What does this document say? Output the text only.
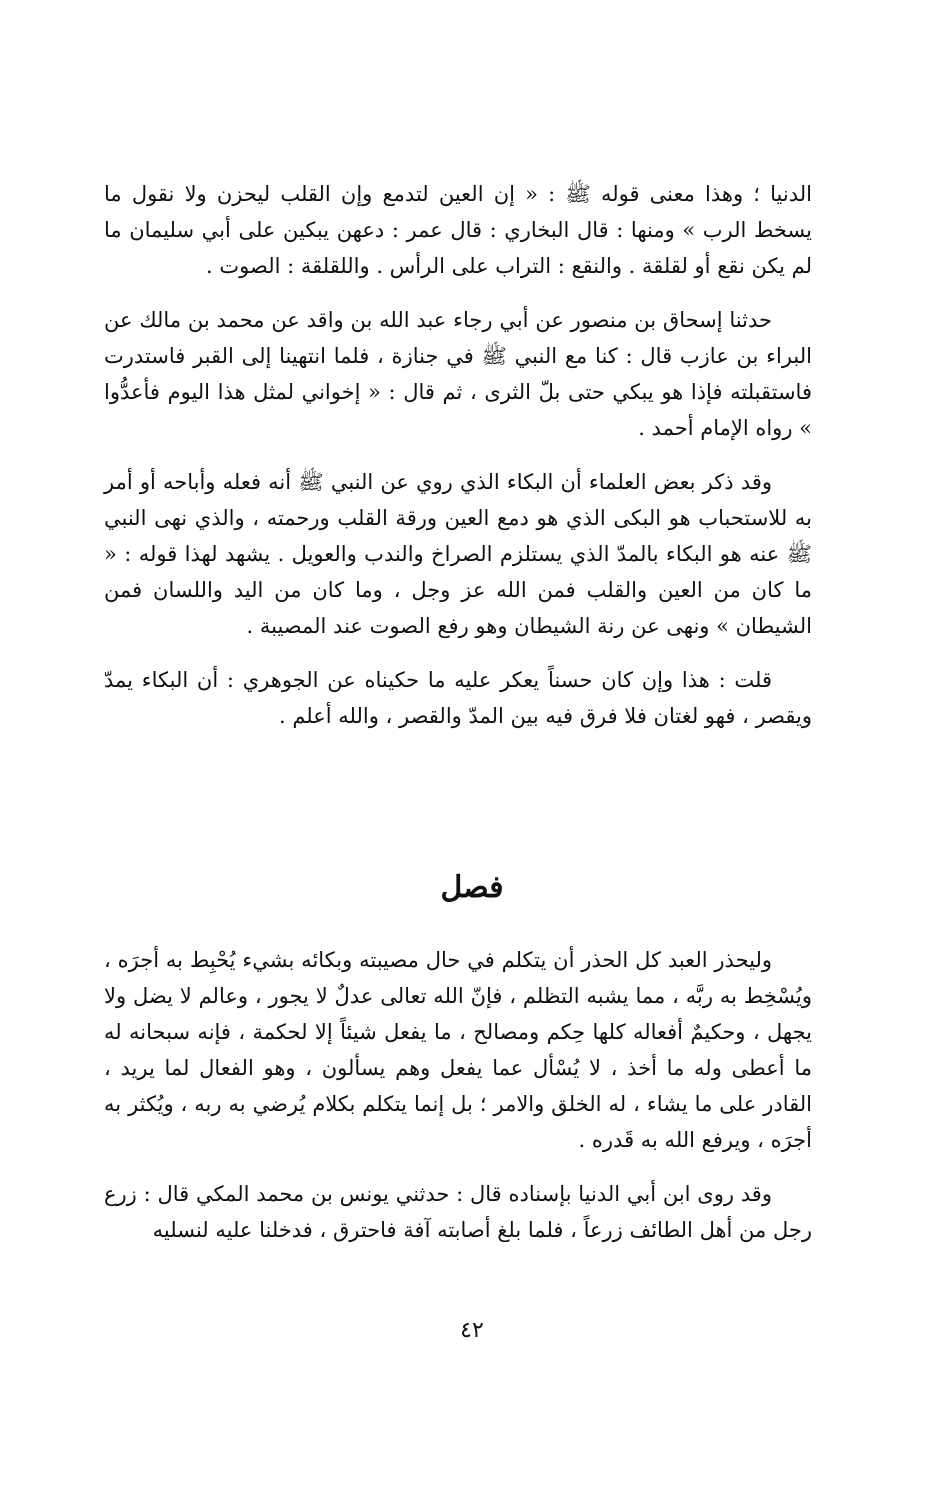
الدنيا ؛ وهذا معنى قوله ﷺ : « إن العين لتدمع وإن القلب ليحزن ولا نقول ما يسخط الرب » ومنها : قال البخاري : قال عمر : دعهن يبكين على أبي سليمان ما لم يكن نقع أو لقلقة . والنقع : التراب على الرأس . واللقلقة : الصوت .

حدثنا إسحاق بن منصور عن أبي رجاء عبد الله بن واقد عن محمد بن مالك عن البراء بن عازب قال : كنا مع النبي ﷺ في جنازة ، فلما انتهينا إلى القبر فاستدرت فاستقبلته فإذا هو يبكي حتى بلّ الثرى ، ثم قال : « إخواني لمثل هذا اليوم فأعدُّوا » رواه الإمام أحمد .

وقد ذكر بعض العلماء أن البكاء الذي روي عن النبي ﷺ أنه فعله وأباحه أو أمر به للاستحباب هو البكى الذي هو دمع العين ورقة القلب ورحمته ، والذي نهى النبي ﷺ عنه هو البكاء بالمدّ الذي يستلزم الصراخ والندب والعويل . يشهد لهذا قوله : « ما كان من العين والقلب فمن الله عز وجل ، وما كان من اليد واللسان فمن الشيطان » ونهى عن رنة الشيطان وهو رفع الصوت عند المصيبة .

قلت : هذا وإن كان حسناً يعكر عليه ما حكيناه عن الجوهري : أن البكاء يمدّ ويقصر ، فهو لغتان فلا فرق فيه بين المدّ والقصر ، والله أعلم .

فصل

وليحذر العبد كل الحذر أن يتكلم في حال مصيبته وبكائه بشيء يُحْبِط به أجرَه ، ويُسْخِط به ربَّه ، مما يشبه التظلم ، فإنّ الله تعالى عدلٌ لا يجور ، وعالم لا يضل ولا يجهل ، وحكيمٌ أفعاله كلها حِكم ومصالح ، ما يفعل شيئاً إلا لحكمة ، فإنه سبحانه له ما أعطى وله ما أخذ ، لا يُسْأل عما يفعل وهم يسألون ، وهو الفعال لما يريد ، القادر على ما يشاء ، له الخلق والامر ؛ بل إنما يتكلم بكلام يُرضي به ربه ، ويُكثر به أجرَه ، ويرفع الله به قَدره .

وقد روى ابن أبي الدنيا بإسناده قال : حدثني يونس بن محمد المكي قال : زرع رجل من أهل الطائف زرعاً ، فلما بلغ أصابته آفة فاحترق ، فدخلنا عليه لنسليه

٤٢
